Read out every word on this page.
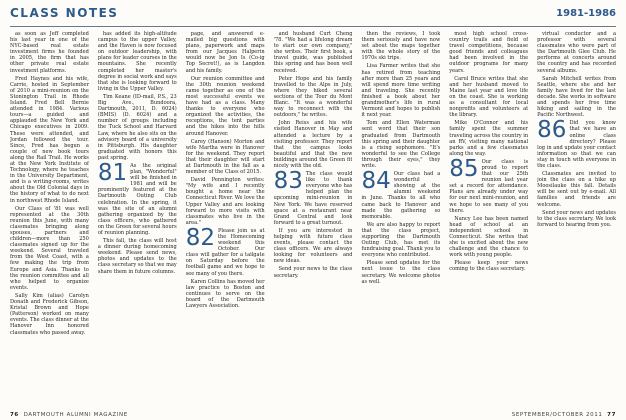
CLASS NOTES	1981-1986

as soon as Jeff completed his last year in one of the NYC-based real estate investment firms he founded in 2005, the firm that has other private real estate investment platforms.

Fred Haynes and his wife, Carrie, hosted in September of 2010 a mini-reunion on the Stonington Trail in Rhode Island. Fred Bell Bernie attended in 1984. Various tours—a guided and applauded the New York and Chicago executives in 2009. These were attended, and Jordan followed the tour. Since, Fred has begun a couple of new book tours along the Rail Trail. He works at the New York Institute of Technology, where he teaches in the University Department, and is a writing-rooms, writes about the Old Colonial days in the history of what to do next in northwest Rhode Island.

Our Class of '81 was well represented at the 30th reunion this June, with many classmates bringing along spouses, partners and children—more than 250 classmates signed up for the weekend. Several traveled from the West Coast, with a few making the trip from Europe and Asia. Thanks to the reunion committee and all who helped to organize events.

Sally Kim (alias) Carolyn Donath and Frederick Gibson, Kristal Brown and Hope (Patterson) worked on many events. The class dinner at the Hanover Inn honored classmates who passed away.

has added its high-altitude campus to the upper Valley, and the Haven is now focused on outdoor leadership, with plans for leader courses in the mountains. She recently completed her master's degree in social work and says that she is looking forward to living in the Upper Valley.

Tim Keane (ID-mail, P.S., 23 Big Ave., Bundoora, Dartmouth, 2011, D. 6024) (BMIS) (D. 6024) and a number of groups including the Tuck School and Harvard Law, where he also sits on the advisory board of a university in Pittsburgh. His daughter graduated with honors this past spring.

81 As the original plan, "Wonderful" will be finished in 1981 and will be prominently featured at the Dartmouth Outing Club celebration. In the spring, it was the site of an alumni gathering organized by the class officers, who gathered on the Green for several hours of reunion planning.

This fall, the class will host a dinner during homecoming weekend. Please send news, photos and updates to the class secretary so that we may share them in future columns.

page, and answered e-mailed big questions with plans, paperwork and maps from our Jacques Halperin would now be Jon Is (Co-ig Top Secret!), as is Langdon and his family.

Our reunion committee and the 30th reunion weekend came together as one of the most successful events we have had as a class. Many thanks to everyone who organized the activities, the receptions, the tent parties and the hikes into the hills around Hanover.

Carey (Hanson) Morton and wife Martha were in Hanover for the weekend. They report that their daughter will start at Dartmouth in the fall as a member of the Class of 2015.

David Pennington writes: "My wife and I recently bought a home near the Connecticut River. We love the Upper Valley and are looking forward to more visits with classmates who live in the area."

82 Please join us at the Homecoming weekend this October. Our class will gather for a tailgate on Saturday before the football game and we hope to see many of you there.

Karen Collins has moved her law practice to Boston and continues to serve on the board of the Dartmouth Lawyers Association.

and husband Curt Cheng '78. "We had a lifelong dream to start our own company," she writes. Their first book, a travel guide, was published this spring and has been well received.

Peter Hope and his family travelled to the Alps in July, where they hiked several sections of the Tour du Mont Blanc. "It was a wonderful way to reconnect with the outdoors," he writes.

John Reiss and his wife visited Hanover in May and attended a lecture by a visiting professor. They report that the campus looks beautiful and that the new buildings around the Green fit nicely with the old.

83 The class would like to thank everyone who has helped plan the upcoming mini-reunion in New York. We have reserved space at a restaurant near Grand Central and look forward to a great turnout.

If you are interested in helping with future class events, please contact the class officers. We are always looking for volunteers and new ideas.

Send your news to the class secretary.

then the reviews, I took them seriously and have now set about the maps together with the whole story of the 1970s ski trips.

Lisa Farmer writes that she has retired from teaching after more than 25 years and will spend more time writing and traveling. She recently finished a book about her grandmother's life in rural Vermont and hopes to publish it next year.

Tom and Ellen Waterman sent word that their son graduated from Dartmouth this spring and their daughter is a rising sophomore. "It's wonderful to see the College through their eyes," they write.

84 Our class had a wonderful showing at the alumni weekend in June. Thanks to all who came back to Hanover and made the gathering so memorable.

We are also happy to report that the class project, supporting the Dartmouth Outing Club, has met its fundraising goal. Thank you to everyone who contributed.

Please send updates for the next issue to the class secretary. We welcome photos as well.

most high school cross-country trails and field of travel competitions, because good friends and colleagues had been involved in the outdoor programs for many years.

Carol Bruce writes that she and her husband moved to Maine last year and love life on the coast. She is working as a consultant for local nonprofits and volunteers at the library.

Mike O'Connor and his family spent the summer traveling across the country in an RV, visiting many national parks and a few classmates along the way.

85 Our class is proud to report that our 25th reunion last year set a record for attendance. Plans are already under way for our next mini-reunion, and we hope to see many of you there.

Nancy Lee has been named head of school at an independent school in Connecticut. She writes that she is excited about the new challenge and the chance to work with young people.

Please keep your news coming to the class secretary.

virtual conductor and a professor with several classmates who were part of the Dartmouth Glee Club. He performs at concerts around the country and has recorded several albums.

Sarah Mitchell writes from Seattle, where she and her family have lived for the last decade. She works in software and spends her free time hiking and sailing in the Pacific Northwest.

86 Did you know that we have an online class directory? Please log in and update your contact information so that we can stay in touch with everyone in the class.

Classmates are invited to join the class on a hike up Moosilauke this fall. Details will be sent out by e-mail. All families and friends are welcome.

Send your news and updates to the class secretary. We look forward to hearing from you.

76 DARTMOUTH ALUMNI MAGAZINE	SEPTEMBER/OCTOBER 2011 77
